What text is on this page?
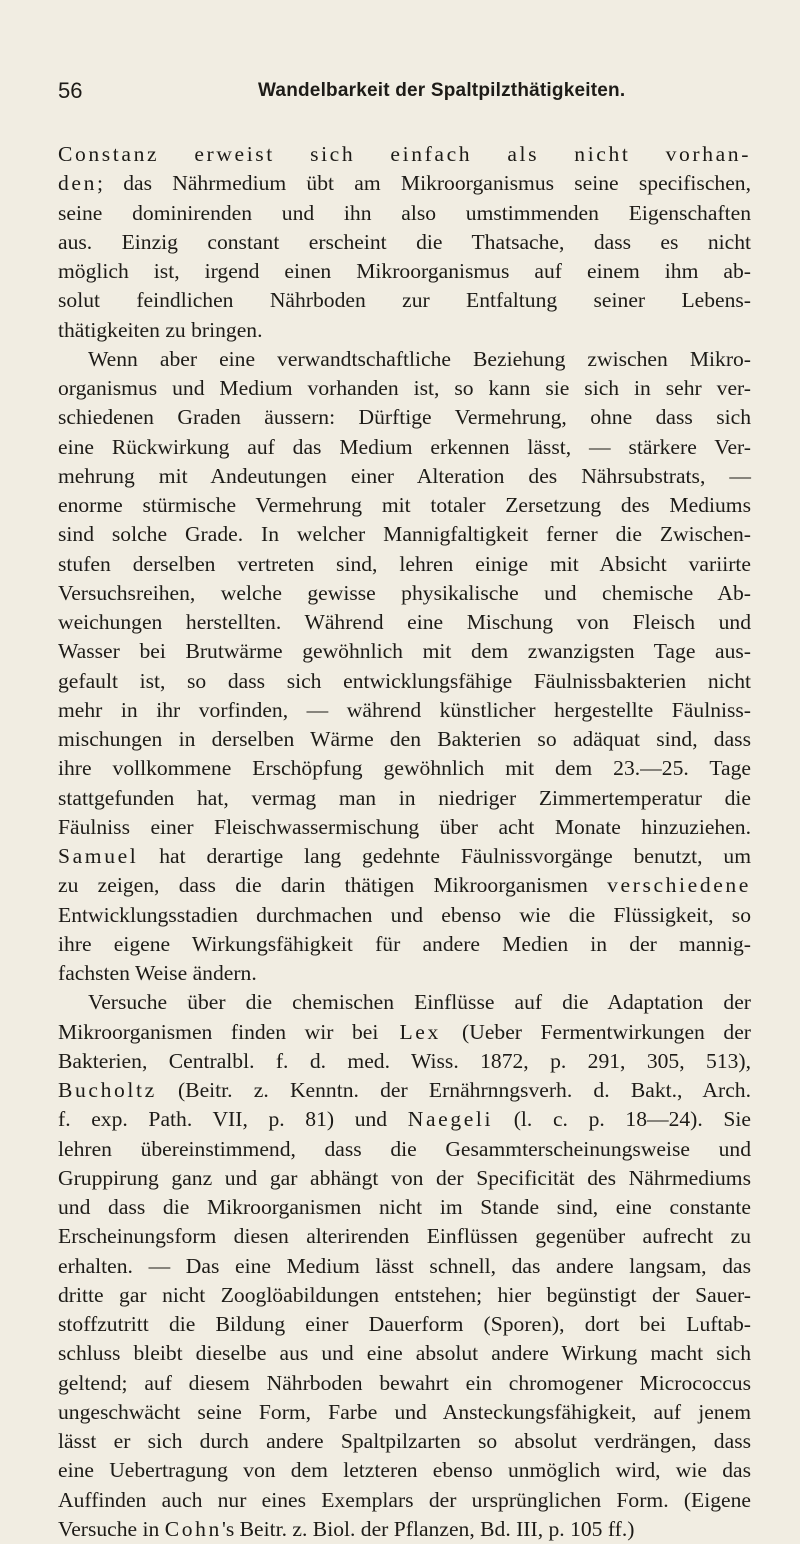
56	Wandelbarkeit der Spaltpilzthätigkeiten.
Constanz erweist sich einfach als nicht vorhan-
den; das Nährmedium übt am Mikroorganismus seine specifischen,
seine dominirenden und ihn also umstimmenden Eigenschaften
aus. Einzig constant erscheint die Thatsache, dass es nicht
möglich ist, irgend einen Mikroorganismus auf einem ihm ab-
solut feindlichen Nährboden zur Entfaltung seiner Lebens-
thätigkeiten zu bringen.
Wenn aber eine verwandtschaftliche Beziehung zwischen Mikro-
organismus und Medium vorhanden ist, so kann sie sich in sehr ver-
schiedenen Graden äussern: Dürftige Vermehrung, ohne dass sich
eine Rückwirkung auf das Medium erkennen lässt, — stärkere Ver-
mehrung mit Andeutungen einer Alteration des Nährsubstrats, —
enorme stürmische Vermehrung mit totaler Zersetzung des Mediums
sind solche Grade. In welcher Mannigfaltigkeit ferner die Zwischen-
stufen derselben vertreten sind, lehren einige mit Absicht variirte
Versuchsreihen, welche gewisse physikalische und chemische Ab-
weichungen herstellten. Während eine Mischung von Fleisch und
Wasser bei Brutwärme gewöhnlich mit dem zwanzigsten Tage aus-
gefault ist, so dass sich entwicklungsfähige Fäulnissbakterien nicht
mehr in ihr vorfinden, — während künstlicher hergestellte Fäulniss-
mischungen in derselben Wärme den Bakterien so adäquat sind, dass
ihre vollkommene Erschöpfung gewöhnlich mit dem 23.—25. Tage
stattgefunden hat, vermag man in niedriger Zimmertemperatur die
Fäulniss einer Fleischwassermischung über acht Monate hinzuziehen.
Samuel hat derartige lang gedehnte Fäulnissvorgänge benutzt, um
zu zeigen, dass die darin thätigen Mikroorganismen verschiedene
Entwicklungsstadien durchmachen und ebenso wie die Flüssigkeit, so
ihre eigene Wirkungsfähigkeit für andere Medien in der mannig-
fachsten Weise ändern.
Versuche über die chemischen Einflüsse auf die Adaptation der
Mikroorganismen finden wir bei Lex (Ueber Fermentwirkungen der
Bakterien, Centralbl. f. d. med. Wiss. 1872, p. 291, 305, 513),
Bucholtz (Beitr. z. Kenntn. der Ernährnngsverh. d. Bakt., Arch.
f. exp. Path. VII, p. 81) und Naegeli (l. c. p. 18—24). Sie
lehren übereinstimmend, dass die Gesammterscheinungsweise und
Gruppirung ganz und gar abhängt von der Specificität des Nährmediums
und dass die Mikroorganismen nicht im Stande sind, eine constante
Erscheinungsform diesen alterirenden Einflüssen gegenüber aufrecht zu
erhalten. — Das eine Medium lässt schnell, das andere langsam, das
dritte gar nicht Zooglöabildungen entstehen; hier begünstigt der Sauer-
stoffzutritt die Bildung einer Dauerform (Sporen), dort bei Luftab-
schluss bleibt dieselbe aus und eine absolut andere Wirkung macht sich
geltend; auf diesem Nährboden bewahrt ein chromogener Micrococcus
ungeschwächt seine Form, Farbe und Ansteckungsfähigkeit, auf jenem
lässt er sich durch andere Spaltpilzarten so absolut verdrängen, dass
eine Uebertragung von dem letzteren ebenso unmöglich wird, wie das
Auffinden auch nur eines Exemplars der ursprünglichen Form. (Eigene
Versuche in Cohn's Beitr. z. Biol. der Pflanzen, Bd. III, p. 105 ff.)
